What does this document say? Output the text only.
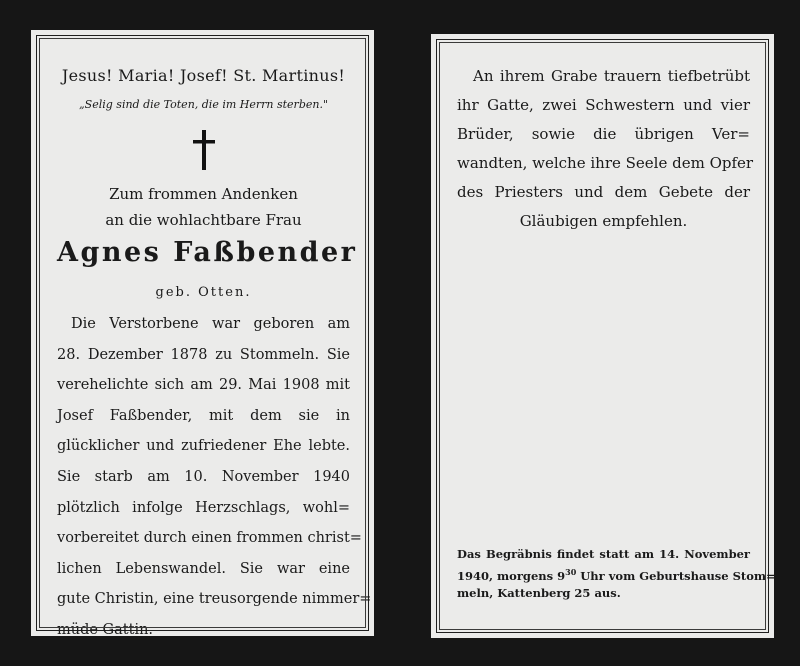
Jesus! Maria! Josef! St. Martinus!
„Selig sind die Toten, die im Herrn sterben."
Zum frommen Andenken
an die wohlachtbare Frau
Agnes Faßbender
geb. Otten.
Die Verstorbene war geboren am
28. Dezember 1878 zu Stommeln. Sie
verehelichte sich am 29. Mai 1908 mit
Josef Faßbender, mit dem sie in
glücklicher und zufriedener Ehe lebte.
Sie starb am 10. November 1940
plötzlich infolge Herzschlags, wohl=
vorbereitet durch einen frommen christ=
lichen Lebenswandel. Sie war eine
gute Christin, eine treusorgende nimmer=
müde Gattin.
An ihrem Grabe trauern tiefbetrübt
ihr Gatte, zwei Schwestern und vier
Brüder, sowie die übrigen Ver=
wandten, welche ihre Seele dem Opfer
des Priesters und dem Gebete der
Gläubigen empfehlen.
Das Begräbnis findet statt am 14. November
1940, morgens $9^{30}$ Uhr vom Geburtshause Stom=
meln, Kattenberg 25 aus.
